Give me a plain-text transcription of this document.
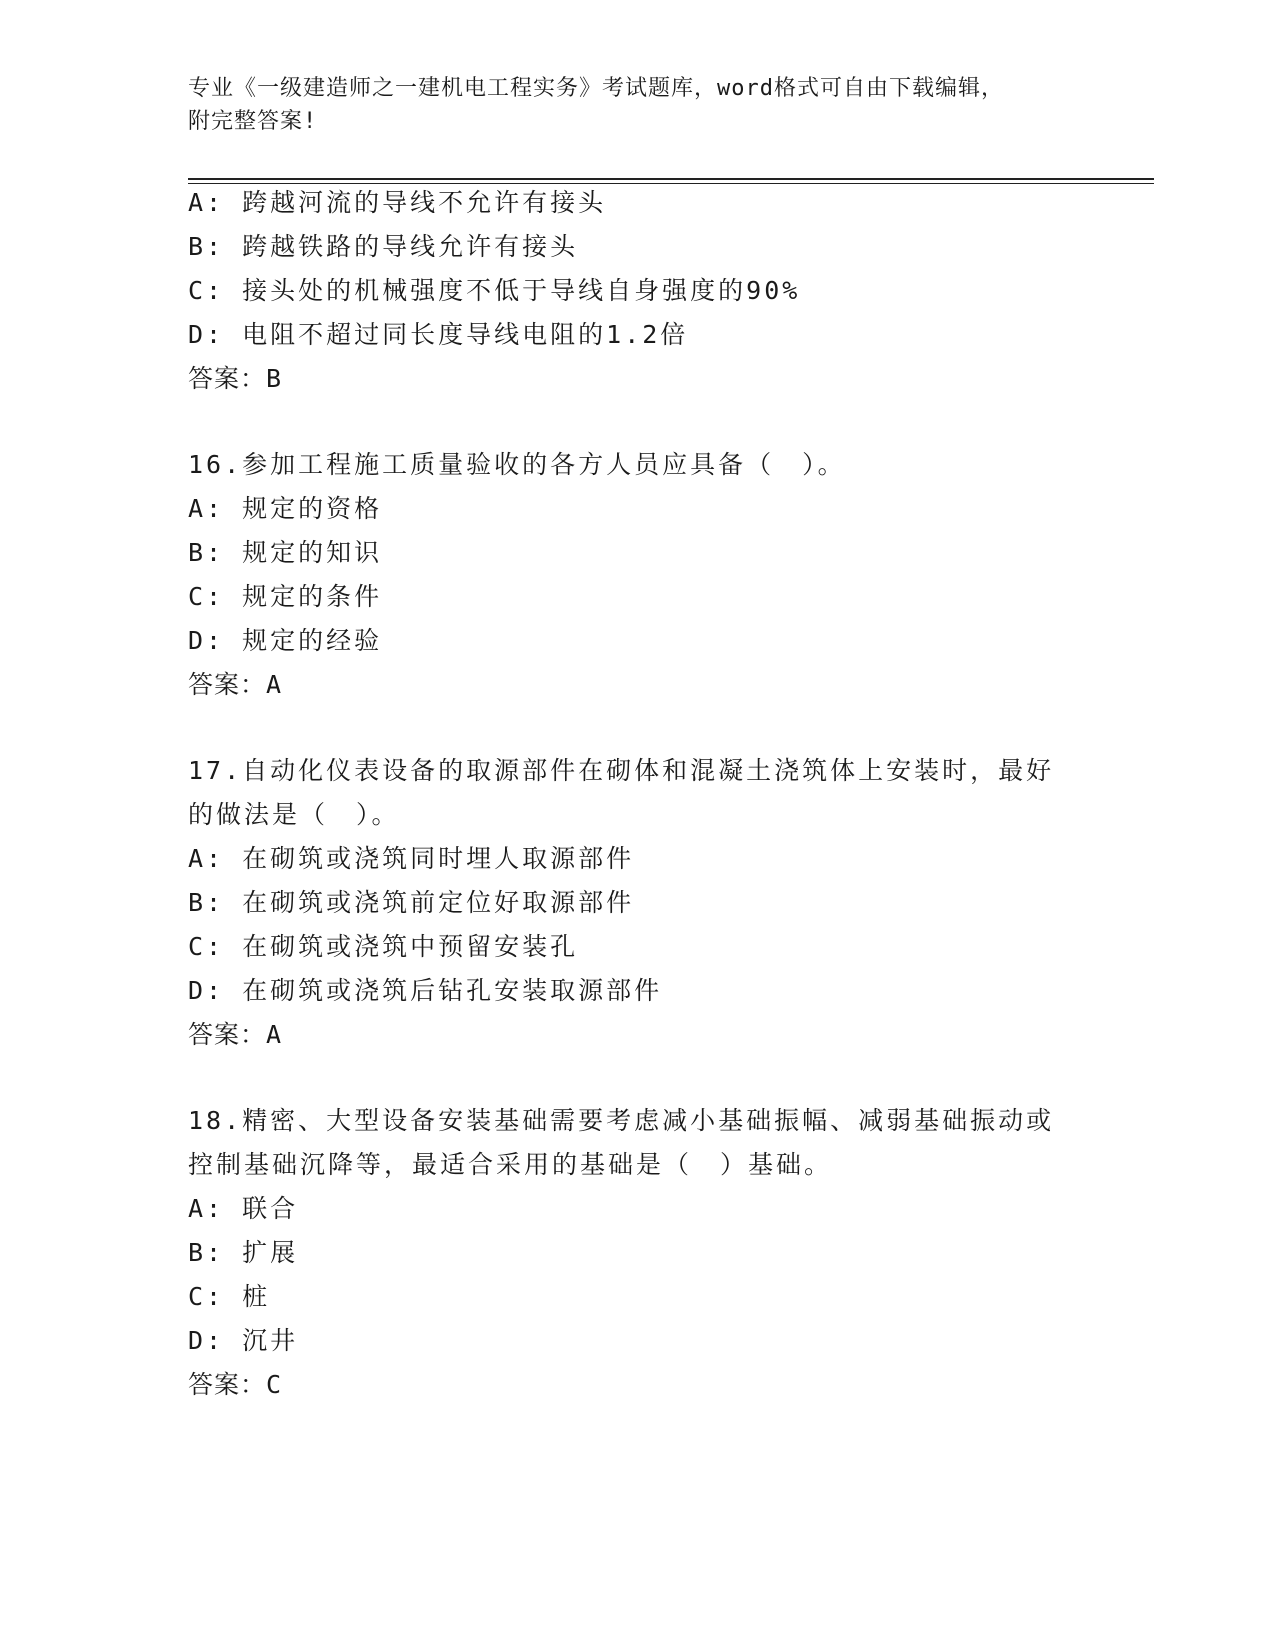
专业《一级建造师之一建机电工程实务》考试题库，word格式可自由下载编辑，
附完整答案!
A: 跨越河流的导线不允许有接头
B: 跨越铁路的导线允许有接头
C: 接头处的机械强度不低于导线自身强度的90%
D: 电阻不超过同长度导线电阻的1.2倍
答案：B
16.参加工程施工质量验收的各方人员应具备（　）。
A: 规定的资格
B: 规定的知识
C: 规定的条件
D: 规定的经验
答案：A
17.自动化仪表设备的取源部件在砌体和混凝土浇筑体上安装时，最好
的做法是（　）。
A: 在砌筑或浇筑同时埋人取源部件
B: 在砌筑或浇筑前定位好取源部件
C: 在砌筑或浇筑中预留安装孔
D: 在砌筑或浇筑后钻孔安装取源部件
答案：A
18.精密、大型设备安装基础需要考虑减小基础振幅、减弱基础振动或
控制基础沉降等，最适合采用的基础是（　）基础。
A: 联合
B: 扩展
C: 桩
D: 沉井
答案：C
